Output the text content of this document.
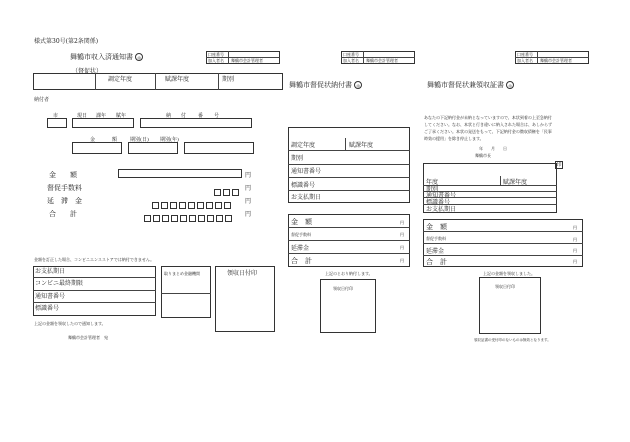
様式第30号(第2条関係)
舞鶴市収入済通知書 ◎
（督促状）
調定年度	賦課年度	期別
納付者
市	現日 課年 賦年	納 付 番 号
金	額	期別(日) 期別(年)
金　　額	円
督促手数料	円
延　滞　金	円
合　　計	円
金額を訂正した場合、コンビニエンスストアでは納付できません。
お支払期日
コンビニ最終期限
通知書番号
標識番号
取りまとめ金融機関	領収日付印
上記の金額を領収したので通知します。
舞鶴市会計管理者　宛
口座番号
加入者名 舞鶴市会計管理者
舞鶴市督促状納付書 ◎
調定年度	賦課年度
期別
通知書番号
標識番号
お支払期日
金　額	円
督促手数料	円
延滞金	円
合　計	円
上記のとおり納付します。
領収日付印
口座番号
加入者名 舞鶴市会計管理者
口座番号
加入者名 舞鶴市会計管理者
舞鶴市督促状兼領収証書 ◎
あなたの下記納付金が未納となっていますので、本状到着の上至急納付してください。なお、本状と行き違いに納入された場合は、あしからずご了承ください。本状の発送をもって、下記納付金の徴収債権を「民事時効の援用」を除き停止します。
年　　月　　日
舞鶴市長
印
年度	賦課年度
期別
通知書番号
標識番号
お支払期日
金　額	円
督促手数料	円
延滞金	円
合　計	円
上記の金額を領収しました。
領収日付印
領収証書の受付印のないものは無効となります。
